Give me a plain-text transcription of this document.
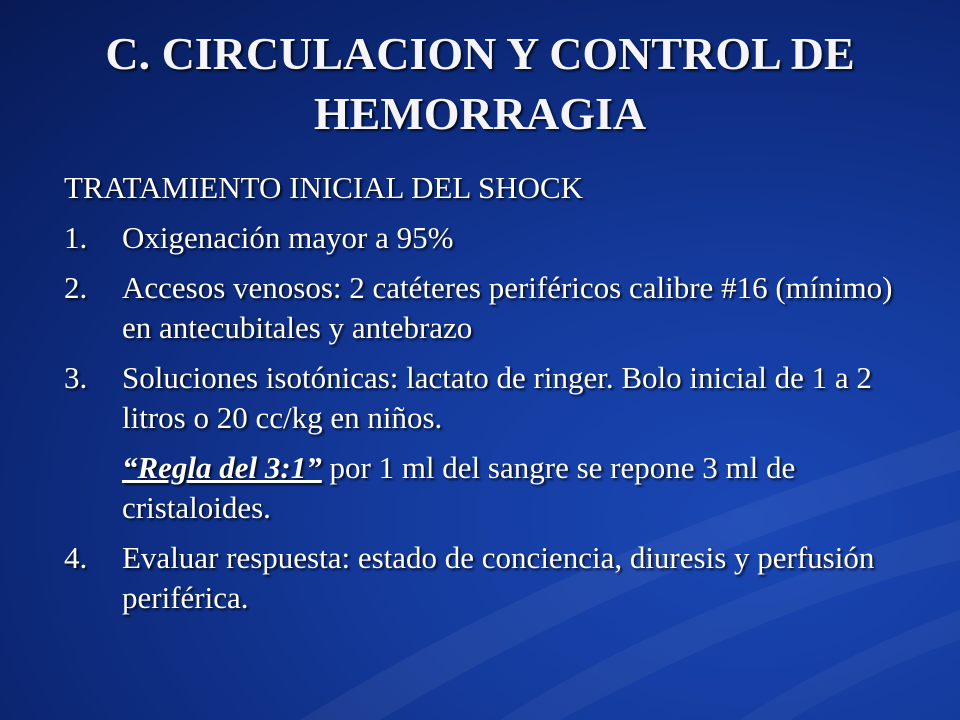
C. CIRCULACION Y CONTROL DE HEMORRAGIA
TRATAMIENTO INICIAL DEL SHOCK
1.	Oxigenación mayor a 95%
2.	Accesos venosos: 2 catéteres periféricos calibre #16 (mínimo) en antecubitales y antebrazo
3.	Soluciones isotónicas: lactato de ringer. Bolo inicial de 1 a 2 litros o 20 cc/kg en niños.
“Regla del 3:1” por 1 ml del sangre se repone 3 ml de cristaloides.
4.	Evaluar respuesta: estado de conciencia, diuresis y perfusión periférica.
